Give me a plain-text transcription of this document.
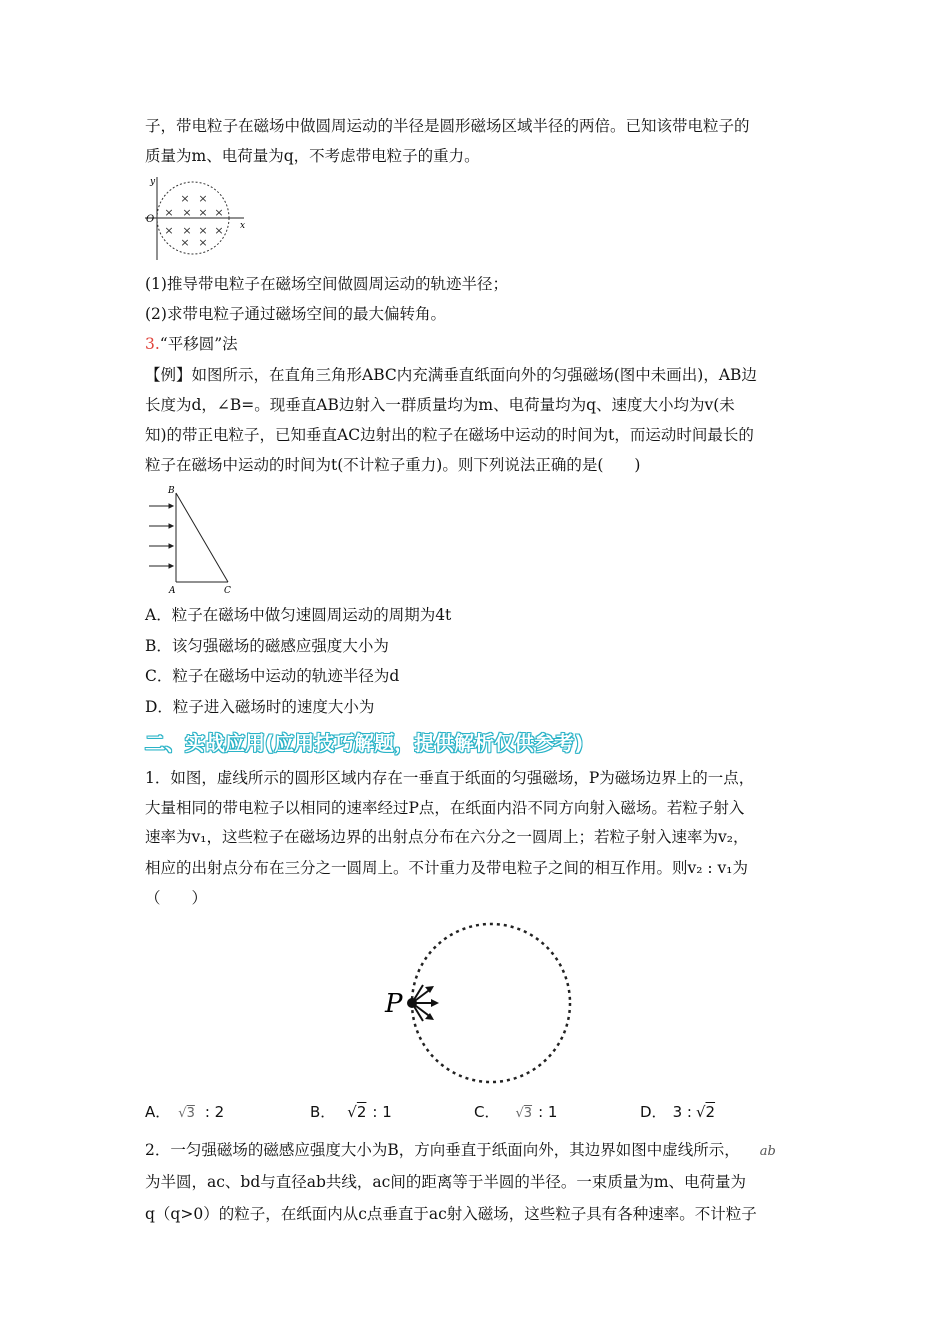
子，带电粒子在磁场中做圆周运动的半径是圆形磁场区域半径的两倍。已知该带电粒子的
质量为m、电荷量为q，不考虑带电粒子的重力。
× ×
× × × ×
× × × ×
× ×
y
x
O
(1)推导带电粒子在磁场空间做圆周运动的轨迹半径；
(2)求带电粒子通过磁场空间的最大偏转角。
3.“平移圆”法
【例】如图所示，在直角三角形ABC内充满垂直纸面向外的匀强磁场(图中未画出)，AB边
长度为d，∠B=。现垂直AB边射入一群质量均为m、电荷量均为q、速度大小均为v(未
知)的带正电粒子，已知垂直AC边射出的粒子在磁场中运动的时间为t，而运动时间最长的
粒子在磁场中运动的时间为t(不计粒子重力)。则下列说法正确的是(　　)
B
A	C
A．粒子在磁场中做匀速圆周运动的周期为4t
B．该匀强磁场的磁感应强度大小为
C．粒子在磁场中运动的轨迹半径为d
D．粒子进入磁场时的速度大小为
二、实战应用(应用技巧解题，提供解析仅供参考)
1．如图，虚线所示的圆形区域内存在一垂直于纸面的匀强磁场，P为磁场边界上的一点，
大量相同的带电粒子以相同的速率经过P点，在纸面内沿不同方向射入磁场。若粒子射入
速率为v₁，这些粒子在磁场边界的出射点分布在六分之一圆周上；若粒子射入速率为v₂，
相应的出射点分布在三分之一圆周上。不计重力及带电粒子之间的相互作用。则v₂ : v₁为
（　　）
P
A． √3 : 2	B． √2 : 1	C． √3 : 1	D． 3 : √2
2．一匀强磁场的磁感应强度大小为B，方向垂直于纸面向外，其边界如图中虚线所示， ab
为半圆，ac、bd与直径ab共线，ac间的距离等于半圆的半径。一束质量为m、电荷量为
q（q>0）的粒子，在纸面内从c点垂直于ac射入磁场，这些粒子具有各种速率。不计粒子
